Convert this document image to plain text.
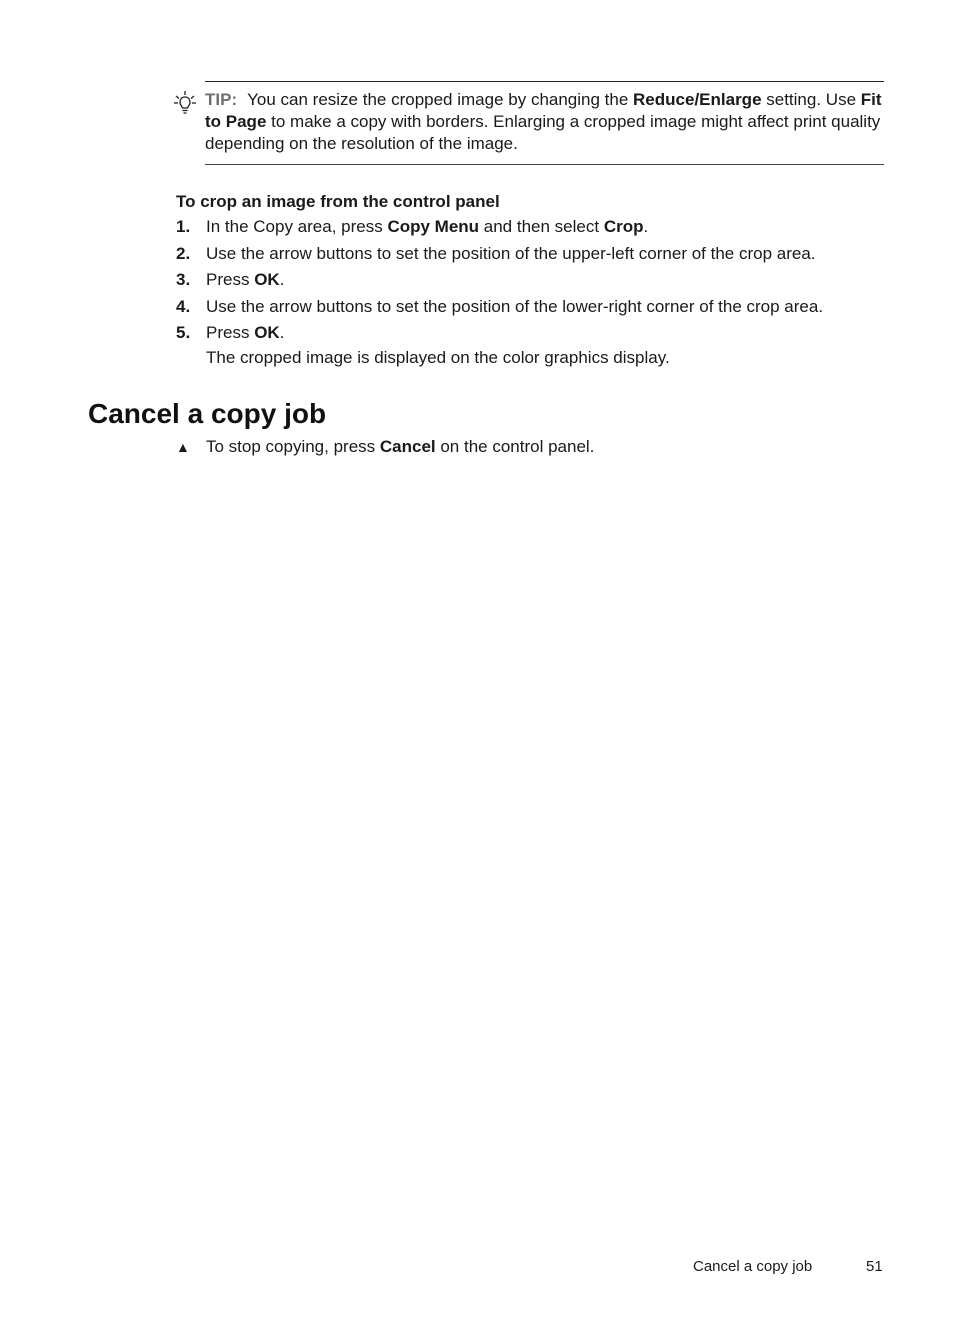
TIP: You can resize the cropped image by changing the Reduce/Enlarge setting. Use Fit to Page to make a copy with borders. Enlarging a cropped image might affect print quality depending on the resolution of the image.
To crop an image from the control panel
1. In the Copy area, press Copy Menu and then select Crop.
2. Use the arrow buttons to set the position of the upper-left corner of the crop area.
3. Press OK.
4. Use the arrow buttons to set the position of the lower-right corner of the crop area.
5. Press OK.
The cropped image is displayed on the color graphics display.
Cancel a copy job
▲ To stop copying, press Cancel on the control panel.
Cancel a copy job	51
